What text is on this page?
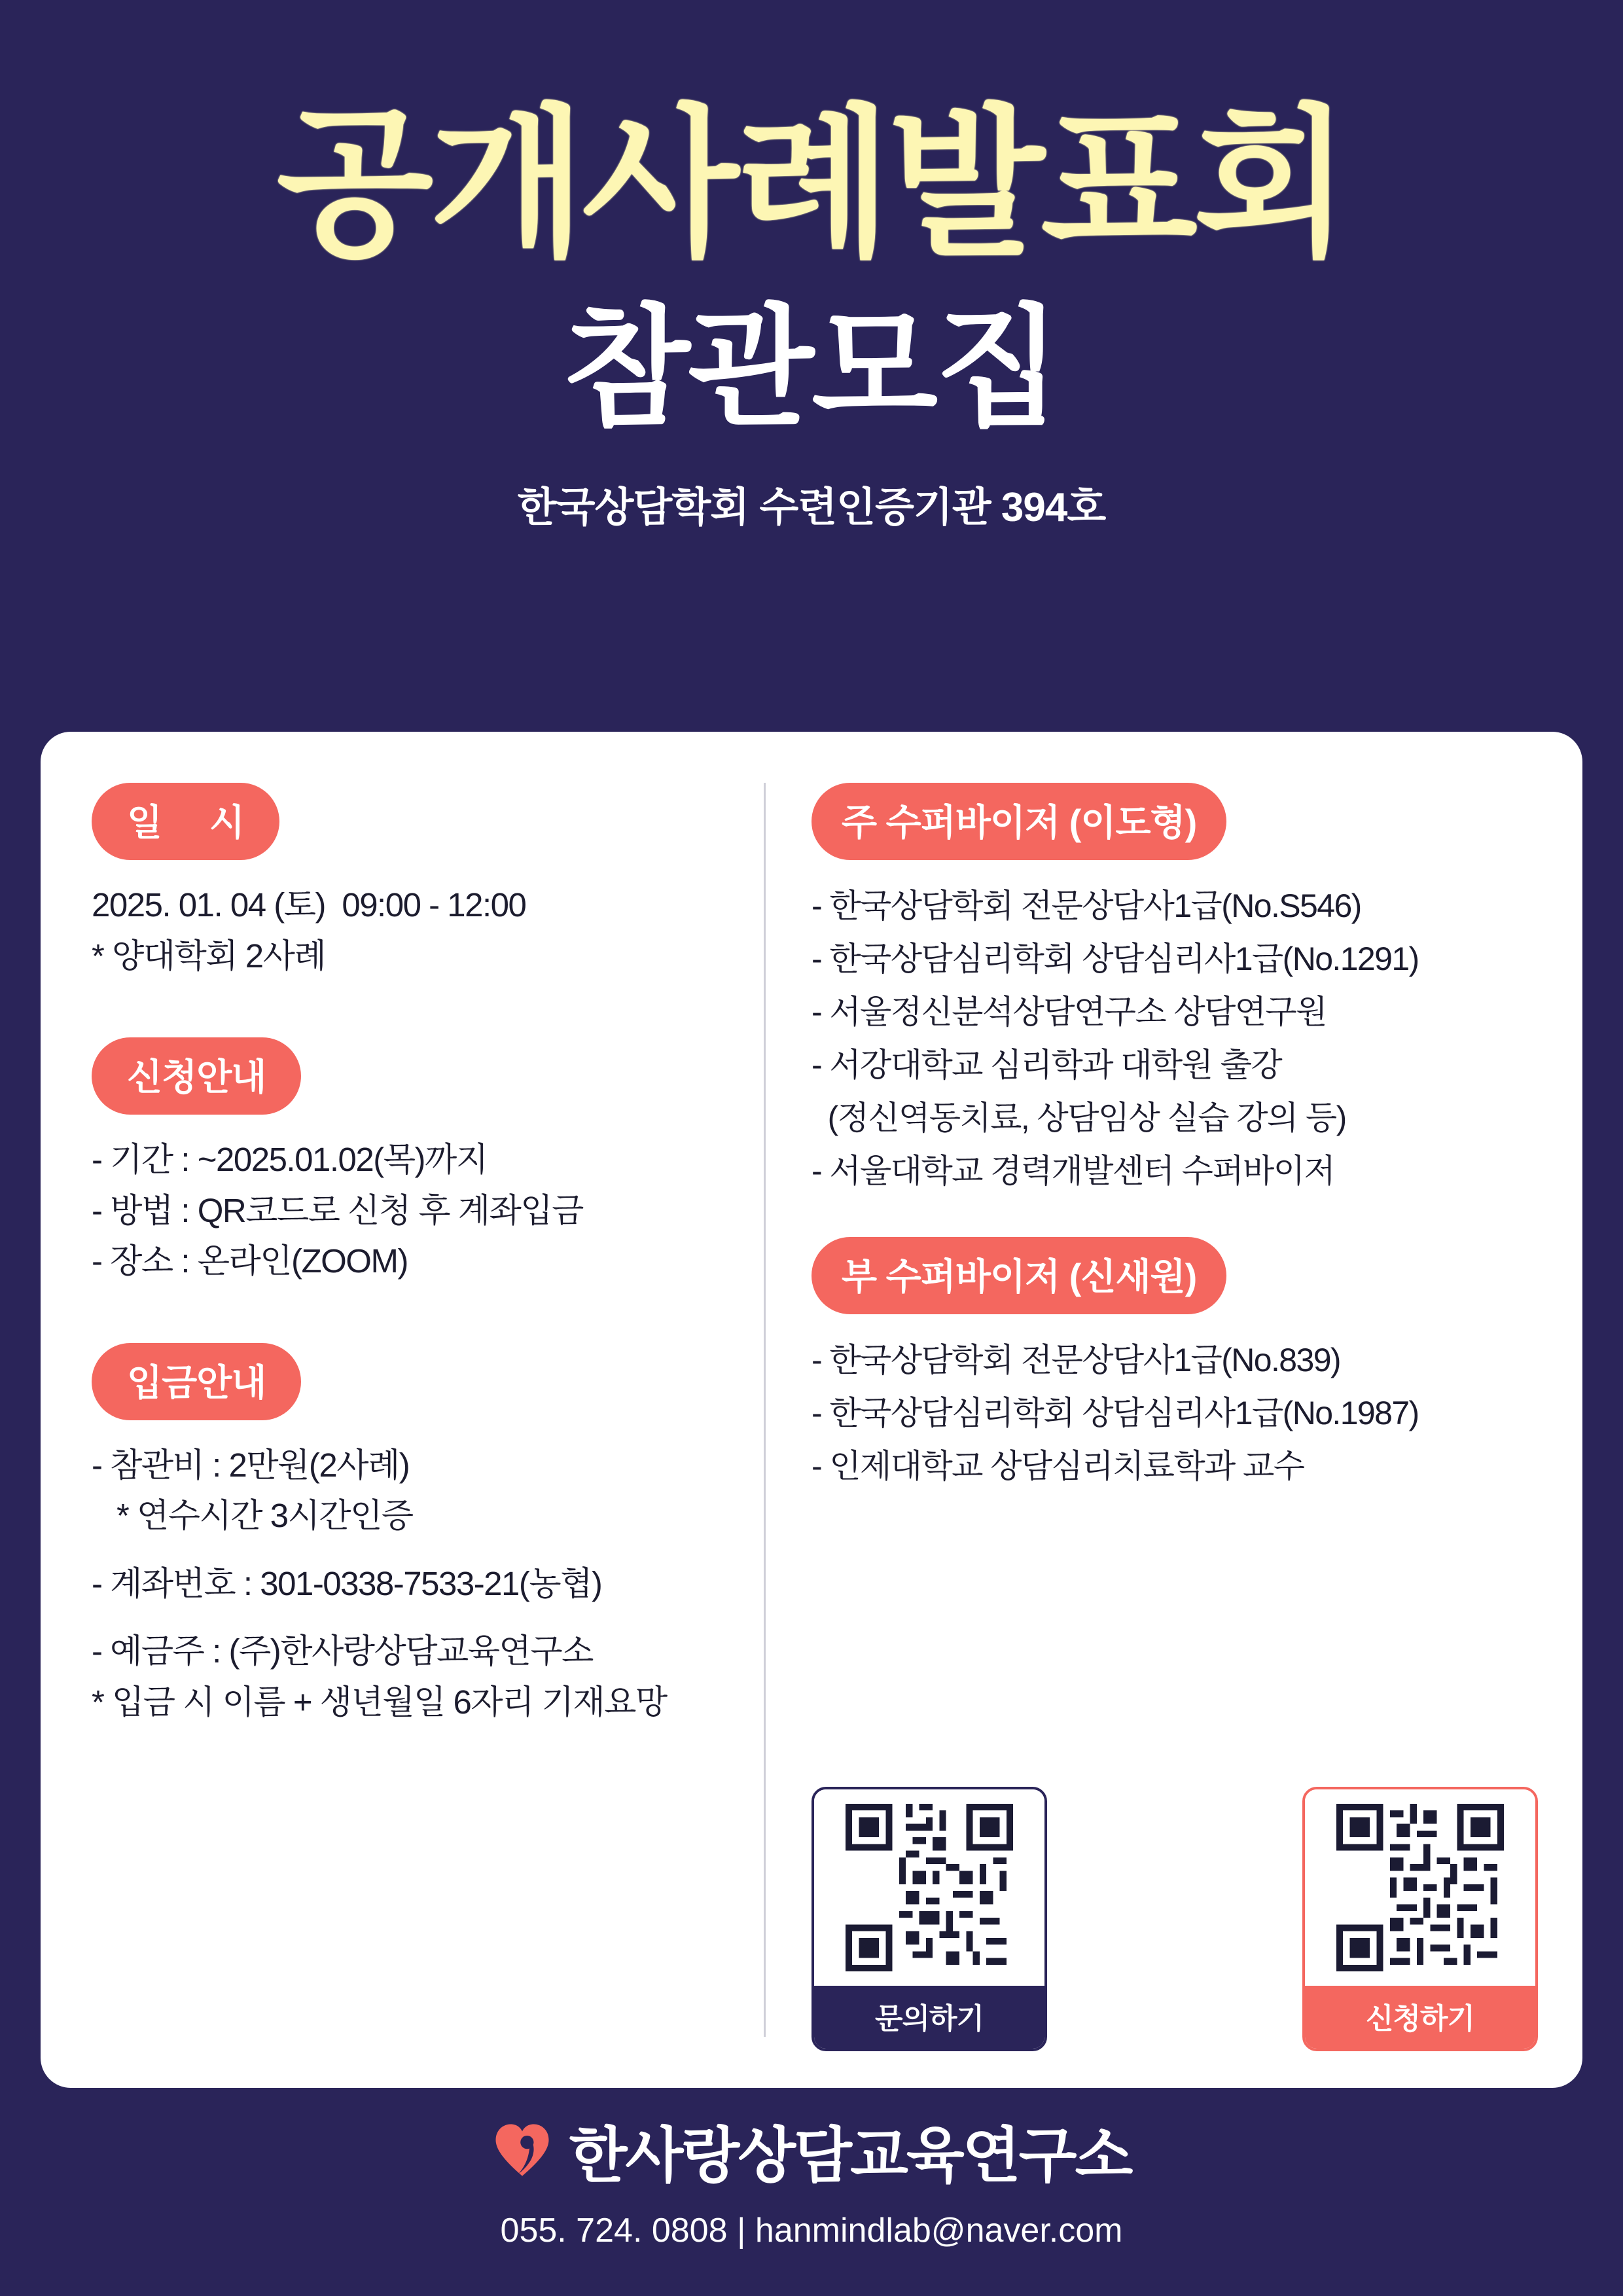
공개사례발표회
참관모집
한국상담학회 수련인증기관 394호
일     시
2025. 01. 04 (토)  09:00 - 12:00
* 양대학회 2사례
신청안내
- 기간 : ~2025.01.02(목)까지
- 방법 : QR코드로 신청 후 계좌입금
- 장소 : 온라인(ZOOM)
입금안내
- 참관비 : 2만원(2사례)
* 연수시간 3시간인증
- 계좌번호 : 301-0338-7533-21(농협)
- 예금주 : (주)한사랑상담교육연구소
* 입금 시 이름 + 생년월일 6자리 기재요망
주 수퍼바이저 (이도형)
- 한국상담학회 전문상담사1급(No.S546)
- 한국상담심리학회 상담심리사1급(No.1291)
- 서울정신분석상담연구소 상담연구원
- 서강대학교 심리학과 대학원 출강
(정신역동치료, 상담임상 실습 강의 등)
- 서울대학교 경력개발센터 수퍼바이저
부 수퍼바이저 (신새원)
- 한국상담학회 전문상담사1급(No.839)
- 한국상담심리학회 상담심리사1급(No.1987)
- 인제대학교 상담심리치료학과 교수
문의하기	신청하기
한사랑상담교육연구소
055. 724. 0808 | hanmindlab@naver.com
